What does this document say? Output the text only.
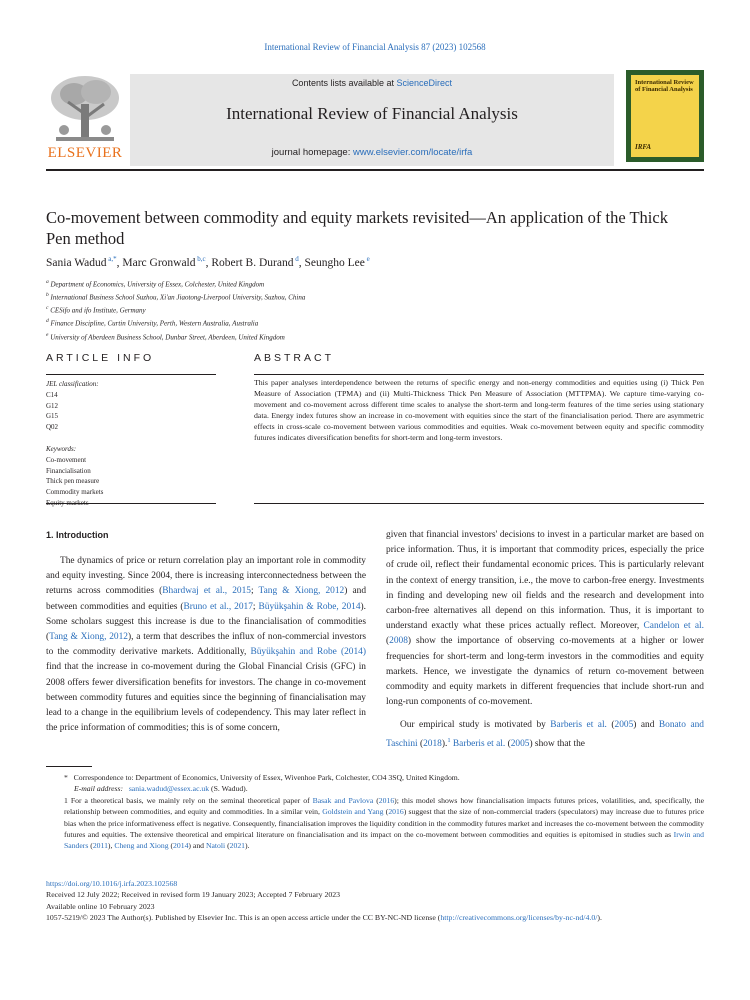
International Review of Financial Analysis 87 (2023) 102568
ELSEVIER
Contents lists available at ScienceDirect
International Review of Financial Analysis
journal homepage: www.elsevier.com/locate/irfa
International Review of Financial Analysis
IRFA
Co-movement between commodity and equity markets revisited—An application of the Thick Pen method
Sania Wadud $^{a,*}$, Marc Gronwald $^{b,c}$, Robert B. Durand $^d$, Seungho Lee $^e$
$^a$ Department of Economics, University of Essex, Colchester, United Kingdom
$^b$ International Business School Suzhou, Xi'an Jiaotong-Liverpool University, Suzhou, China
$^c$ CESifo and ifo Institute, Germany
$^d$ Finance Discipline, Curtin University, Perth, Western Australia, Australia
$^e$ University of Aberdeen Business School, Dunbar Street, Aberdeen, United Kingdom
ARTICLE INFO	ABSTRACT
JEL classification:
C14
G12
G15
Q02
Keywords:
Co-movement
Financialisation
Thick pen measure
Commodity markets
This paper analyses interdependence between the returns of specific energy and non-energy commodities and equities using (i) Thick Pen Measure of Association (TPMA) and (ii) Multi-Thickness Thick Pen Measure of Association (MTTPMA). We capture time-varying co-movement and co-movement across different time scales to analyse the short-term and long-term features of the time series using stationary data. Energy index futures show an increase in co-movement with equities since the start of the financialisation period. There are asymmetric effects in cross-scale co-movement between various commodities and equities. Weak co-movement between equity and specific commodity futures indicates diversification benefits for short-term and long-term investors.
1. Introduction
The dynamics of price or return correlation play an important role in commodity and equity investing. Since 2004, there is increasing interconnectedness between the returns across commodities (Bhardwaj et al., 2015; Tang & Xiong, 2012) and between commodities and equities (Bruno et al., 2017; Büyükşahin & Robe, 2014). Some scholars suggest this increase is due to the financialisation of commodities (Tang & Xiong, 2012), a term that describes the influx of non-commercial investors to the commodity derivative markets. Additionally, Büyükşahin and Robe (2014) find that the increase in co-movement during the Global Financial Crisis (GFC) in 2008 offers fewer diversification benefits for investors. The change in co-movement between commodity futures and equities since the beginning of financialisation may lead to a change in the equilibrium levels of codependency. This may later reflect in the price information of commodities; this is of some concern,
given that financial investors' decisions to invest in a particular market are based on price information. Thus, it is important that commodity prices, especially the price of crude oil, reflect their fundamental economic prices. This is particularly relevant in the context of energy transition, i.e., the move to carbon-free energy. Investments in finding and developing new oil fields and the research and development into carbon-free alternatives all depend on this information. Thus, it is important to understand exactly what these prices actually reflect. Moreover, Candelon et al. (2008) show the importance of observing co-movements at a higher or lower frequencies for short-term and long-term investors in the commodities and equity markets. Hence, we investigate the dynamics of return co-movement between commodity and equity markets in different frequencies that include short-run and long-run components of co-movement.
Our empirical study is motivated by Barberis et al. (2005) and Bonato and Taschini (2018).$^1$ Barberis et al. (2005) show that the

* Correspondence to: Department of Economics, University of Essex, Wivenhoe Park, Colchester, CO4 3SQ, United Kingdom.

E-mail address: sania.wadud@essex.ac.uk (S. Wadud).

1 For a theoretical basis, we mainly rely on the seminal theoretical paper of Basak and Pavlova (2016); this model shows how financialisation impacts futures prices, volatilities, and, specifically, the relationship between commodities, and equity and commodities. In a similar vein, Goldstein and Yang (2016) suggest that the size of non-commercial traders (speculators) may increase due to futures price bias when the price informativeness effect is negative. Consequently, financialisation improves the liquidity condition in the commodity futures market and increases the co-movement between the commodity futures and equities. The extensive theoretical and empirical literature on financialisation and its impact on the co-movement between commodities and equities is epitomised in studies such as Irwin and Sanders (2011), Cheng and Xiong (2014) and Natoli (2021).

https://doi.org/10.1016/j.irfa.2023.102568

Received 12 July 2022; Received in revised form 19 January 2023; Accepted 7 February 2023

Available online 10 February 2023

1057-5219/© 2023 The Author(s). Published by Elsevier Inc. This is an open access article under the CC BY-NC-ND license (http://creativecommons.org/licenses/by-nc-nd/4.0/).
